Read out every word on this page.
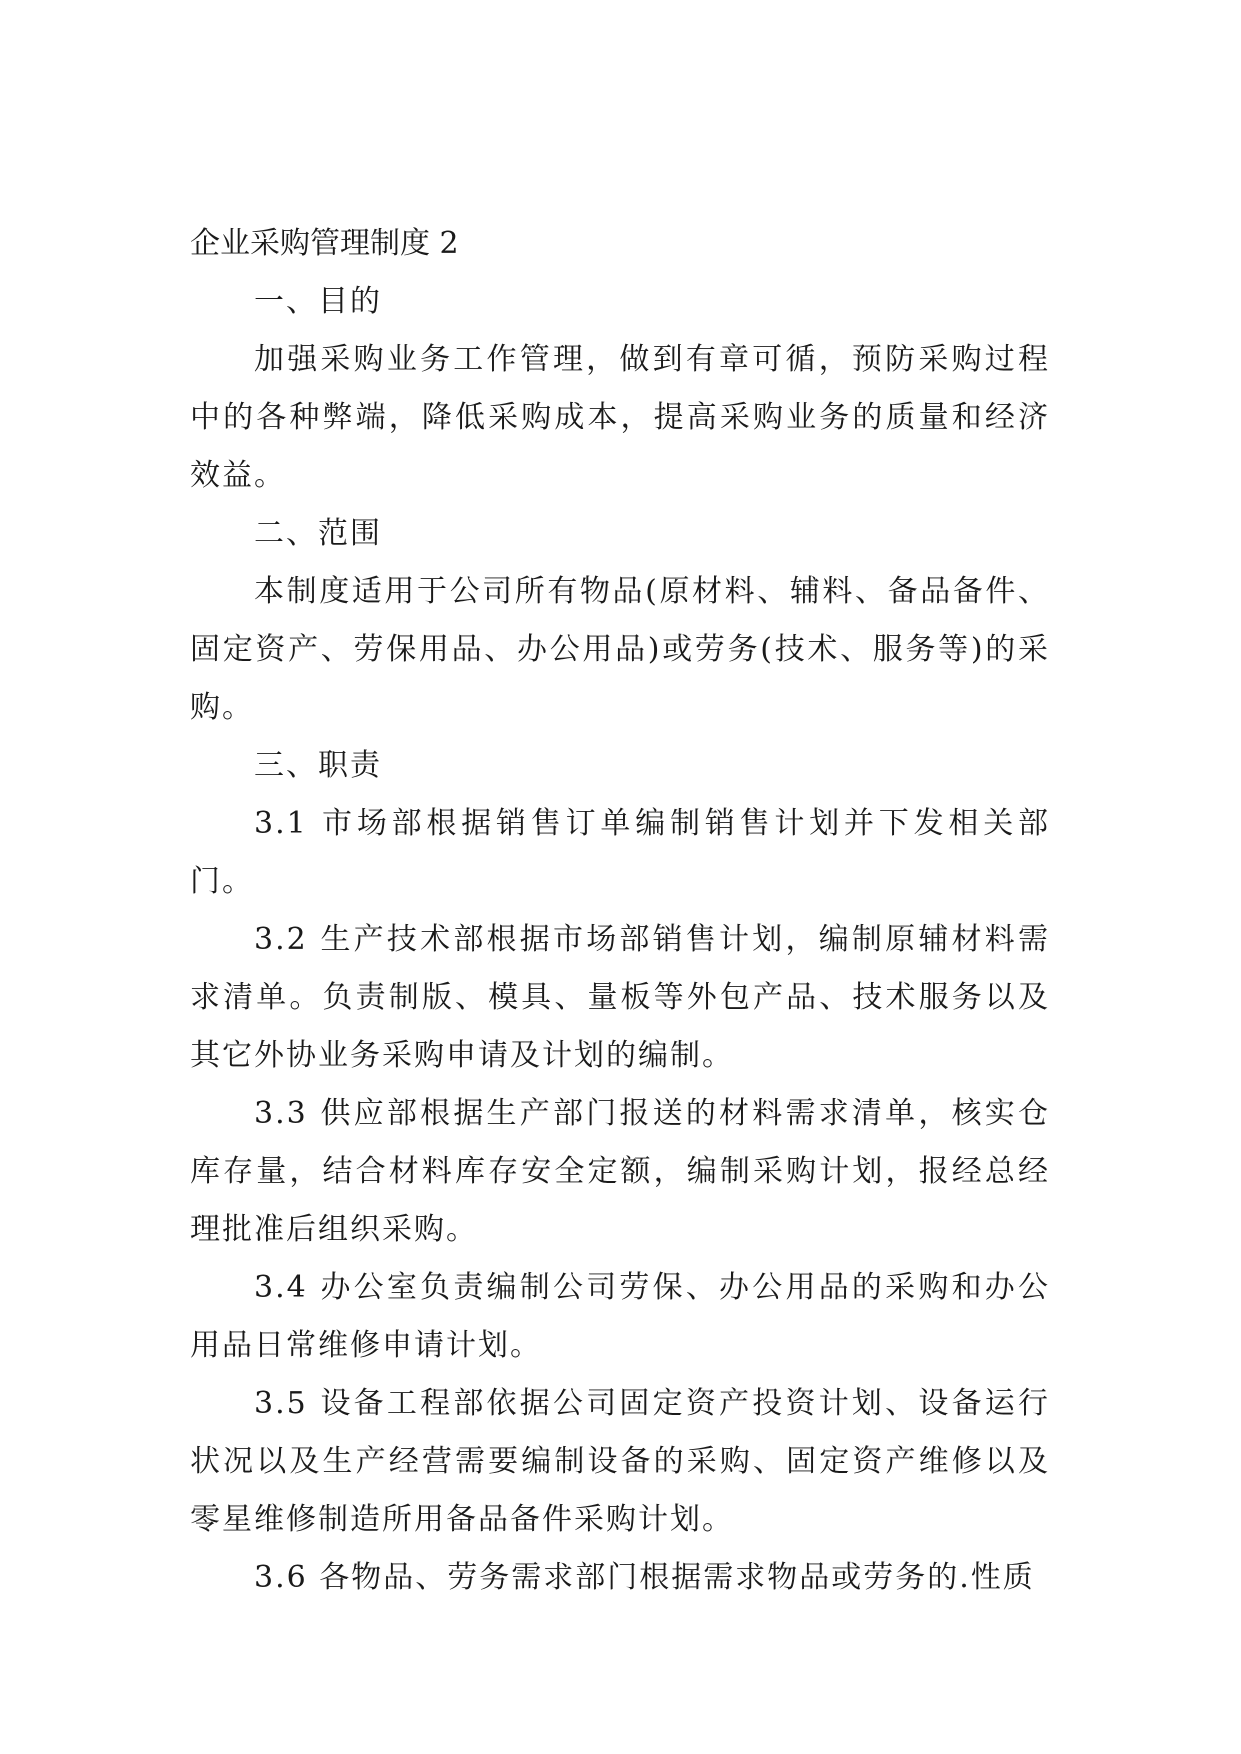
企业采购管理制度 2

一、目的

加强采购业务工作管理，做到有章可循，预防采购过程中的各种弊端，降低采购成本，提高采购业务的质量和经济效益。

二、范围

本制度适用于公司所有物品(原材料、辅料、备品备件、固定资产、劳保用品、办公用品)或劳务(技术、服务等)的采购。

三、职责

3.1 市场部根据销售订单编制销售计划并下发相关部门。

3.2 生产技术部根据市场部销售计划，编制原辅材料需求清单。负责制版、模具、量板等外包产品、技术服务以及其它外协业务采购申请及计划的编制。

3.3 供应部根据生产部门报送的材料需求清单，核实仓库存量，结合材料库存安全定额，编制采购计划，报经总经理批准后组织采购。

3.4 办公室负责编制公司劳保、办公用品的采购和办公用品日常维修申请计划。

3.5 设备工程部依据公司固定资产投资计划、设备运行状况以及生产经营需要编制设备的采购、固定资产维修以及零星维修制造所用备品备件采购计划。

3.6 各物品、劳务需求部门根据需求物品或劳务的.性质
